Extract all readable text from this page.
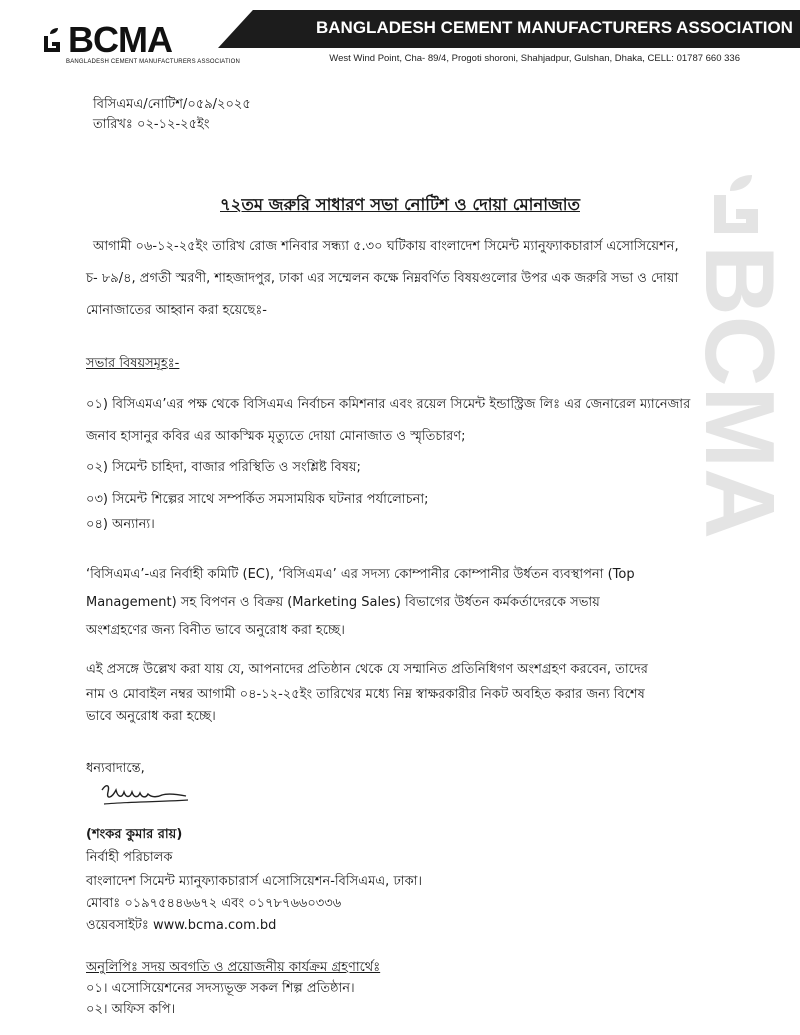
BCMA
BANGLADESH CEMENT MANUFACTURERS ASSOCIATION
BANGLADESH CEMENT MANUFACTURERS ASSOCIATION
West Wind Point, Cha- 89/4, Progoti shoroni, Shahjadpur, Gulshan, Dhaka, CELL: 01787 660 336
BCMA
বিসিএমএ/নোটিশ/০৫৯/২০২৫
তারিখঃ ০২-১২-২৫ইং
৭২তম জরুরি সাধারণ সভা নোটিশ ও দোয়া মোনাজাত
আগামী ০৬-১২-২৫ইং তারিখ রোজ শনিবার সন্ধ্যা ৫.৩০ ঘটিকায় বাংলাদেশ সিমেন্ট ম্যানুফ্যাকচারার্স এসোসিয়েশন,
চ- ৮৯/৪, প্রগতী স্মরণী, শাহজাদপুর, ঢাকা এর সম্মেলন কক্ষে নিম্নবর্ণিত বিষয়গুলোর উপর এক জরুরি সভা ও দোয়া
মোনাজাতের আহ্বান করা হয়েছেঃ-
সভার বিষয়সমূহঃ-
০১) বিসিএমএ’এর পক্ষ থেকে বিসিএমএ নির্বাচন কমিশনার এবং রয়েল সিমেন্ট ইন্ডাস্ট্রিজ লিঃ এর জেনারেল ম্যানেজার
জনাব হাসানুর কবির এর আকস্মিক মৃত্যুতে দোয়া মোনাজাত ও স্মৃতিচারণ;
০২) সিমেন্ট চাহিদা, বাজার পরিস্থিতি ও সংশ্লিষ্ট বিষয়;
০৩) সিমেন্ট শিল্পের সাথে সম্পর্কিত সমসাময়িক ঘটনার পর্যালোচনা;
০৪) অন্যান্য।
‘বিসিএমএ’-এর নির্বাহী কমিটি (EC), ‘বিসিএমএ’ এর সদস্য কোম্পানীর কোম্পানীর উর্ধতন ব্যবস্থাপনা (Top
Management) সহ বিপণন ও বিক্রয় (Marketing Sales) বিভাগের উর্ধতন কর্মকর্তাদেরকে সভায়
অংশগ্রহণের জন্য বিনীত ভাবে অনুরোধ করা হচ্ছে।
এই প্রসঙ্গে উল্লেখ করা যায় যে, আপনাদের প্রতিষ্ঠান থেকে যে সম্মানিত প্রতিনিধিগণ অংশগ্রহণ করবেন, তাদের
নাম ও মোবাইল নম্বর আগামী ০৪-১২-২৫ইং তারিখের মধ্যে নিম্ন স্বাক্ষরকারীর নিকট অবহিত করার জন্য বিশেষ
ভাবে অনুরোধ করা হচ্ছে।
ধন্যবাদান্তে,
(শংকর কুমার রায়)
নির্বাহী পরিচালক
বাংলাদেশ সিমেন্ট ম্যানুফ্যাকচারার্স এসোসিয়েশন-বিসিএমএ, ঢাকা।
মোবাঃ ০১৯৭৫৪৪৬৬৭২ এবং ০১৭৮৭৬৬০৩৩৬
ওয়েবসাইটঃ www.bcma.com.bd
অনুলিপিঃ সদয় অবগতি ও প্রয়োজনীয় কার্যক্রম গ্রহণার্থেঃ
০১। এসোসিয়েশনের সদস্যভূক্ত সকল শিল্প প্রতিষ্ঠান।
০২। অফিস কপি।
